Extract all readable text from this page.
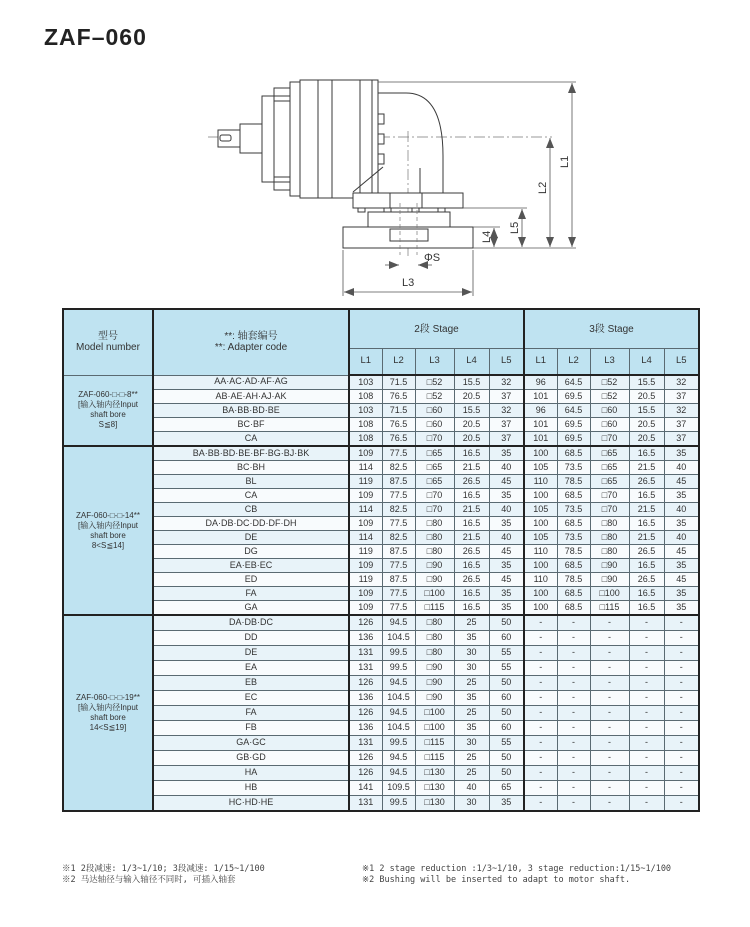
ZAF–060
ΦS
L3
L4
L5
L2
L1
型号
Model number

**: 轴套编号
**: Adapter code
	2段 Stage	3段 Stage
		L1	L2	L3	L4	L5	L1	L2	L3	L4	L5

ZAF-060-□-□-8**
[输入轴内径Input
shaft bore
S≦8]	AA·AC·AD·AF·AG	103	71.5	□52	15.5	32	96	64.5	□52	15.5	32
	AB·AE·AH·AJ·AK	108	76.5	□52	20.5	37	101	69.5	□52	20.5	37
	BA·BB·BD·BE	103	71.5	□60	15.5	32	96	64.5	□60	15.5	32
	BC·BF	108	76.5	□60	20.5	37	101	69.5	□60	20.5	37
	CA	108	76.5	□70	20.5	37	101	69.5	□70	20.5	37

ZAF-060-□-□-14**
[输入轴内径Input
shaft bore
8<S≦14]	BA·BB·BD·BE·BF·BG·BJ·BK	109	77.5	□65	16.5	35	100	68.5	□65	16.5	35
	BC·BH	114	82.5	□65	21.5	40	105	73.5	□65	21.5	40
	BL	119	87.5	□65	26.5	45	110	78.5	□65	26.5	45
	CA	109	77.5	□70	16.5	35	100	68.5	□70	16.5	35
	CB	114	82.5	□70	21.5	40	105	73.5	□70	21.5	40
	DA·DB·DC·DD·DF·DH	109	77.5	□80	16.5	35	100	68.5	□80	16.5	35
	DE	114	82.5	□80	21.5	40	105	73.5	□80	21.5	40
	DG	119	87.5	□80	26.5	45	110	78.5	□80	26.5	45
	EA·EB·EC	109	77.5	□90	16.5	35	100	68.5	□90	16.5	35
	ED	119	87.5	□90	26.5	45	110	78.5	□90	26.5	45
	FA	109	77.5	□100	16.5	35	100	68.5	□100	16.5	35
	GA	109	77.5	□115	16.5	35	100	68.5	□115	16.5	35

ZAF-060-□-□-19**
[输入轴内径Input
shaft bore
14<S≦19]	DA·DB·DC	126	94.5	□80	25	50	-	-	-	-	-
	DD	136	104.5	□80	35	60	-	-	-	-	-
	DE	131	99.5	□80	30	55	-	-	-	-	-
	EA	131	99.5	□90	30	55	-	-	-	-	-
	EB	126	94.5	□90	25	50	-	-	-	-	-
	EC	136	104.5	□90	35	60	-	-	-	-	-
	FA	126	94.5	□100	25	50	-	-	-	-	-
	FB	136	104.5	□100	35	60	-	-	-	-	-
	GA·GC	131	99.5	□115	30	55	-	-	-	-	-
	GB·GD	126	94.5	□115	25	50	-	-	-	-	-
	HA	126	94.5	□130	25	50	-	-	-	-	-
	HB	141	109.5	□130	40	65	-	-	-	-	-
	HC·HD·HE	131	99.5	□130	30	35	-	-	-	-	-
※1 2段减速: 1/3~1/10; 3段减速: 1/15~1/100
※2 马达轴径与输入轴径不同时, 可插入轴套
※1 2 stage reduction :1/3~1/10, 3 stage reduction:1/15~1/100
※2 Bushing will be inserted to adapt to motor shaft.
